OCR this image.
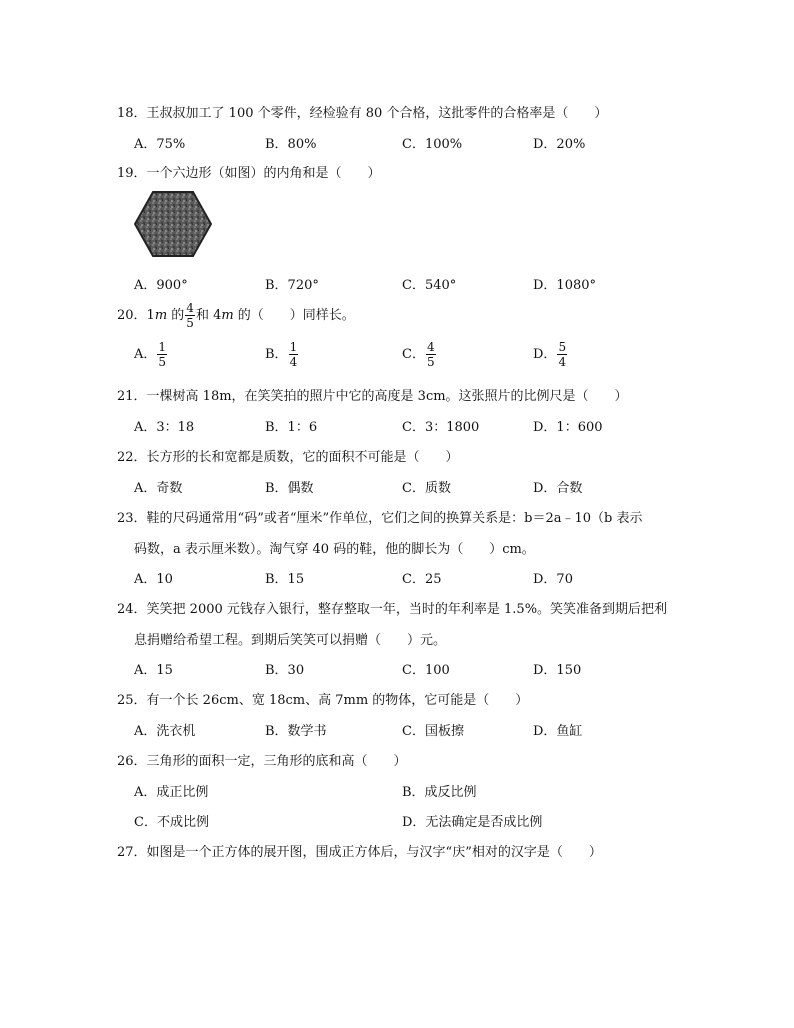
18．王叔叔加工了 100 个零件，经检验有 80 个合格，这批零件的合格率是（　　）
A．75%	B．80%	C．100%	D．20%
19．一个六边形（如图）的内角和是（　　）
A．900°	B．720°	C．540°	D．1080°
20．1m 的 $\frac{4}{5}$ 和 4m 的（　　）同样长。
A． $\frac{1}{5}$	B． $\frac{1}{4}$	C． $\frac{4}{5}$	D． $\frac{5}{4}$
21．一棵树高 18m，在笑笑拍的照片中它的高度是 3cm。这张照片的比例尺是（　　）
A．3：18	B．1：6	C．3：1800	D．1：600
22．长方形的长和宽都是质数，它的面积不可能是（　　）
A．奇数	B．偶数	C．质数	D．合数
23．鞋的尺码通常用“码”或者“厘米”作单位，它们之间的换算关系是：b＝2a﹣10（b 表示
码数，a 表示厘米数）。淘气穿 40 码的鞋，他的脚长为（　　）cm。
A．10	B．15	C．25	D．70
24．笑笑把 2000 元钱存入银行，整存整取一年，当时的年利率是 1.5%。笑笑准备到期后把利
息捐赠给希望工程。到期后笑笑可以捐赠（　　）元。
A．15	B．30	C．100	D．150
25．有一个长 26cm、宽 18cm、高 7mm 的物体，它可能是（　　）
A．洗衣机	B．数学书	C．国板擦	D．鱼缸
26．三角形的面积一定，三角形的底和高（　　）
A．成正比例	B．成反比例
C．不成比例	D．无法确定是否成比例
27．如图是一个正方体的展开图，围成正方体后，与汉字“庆”相对的汉字是（　　）
